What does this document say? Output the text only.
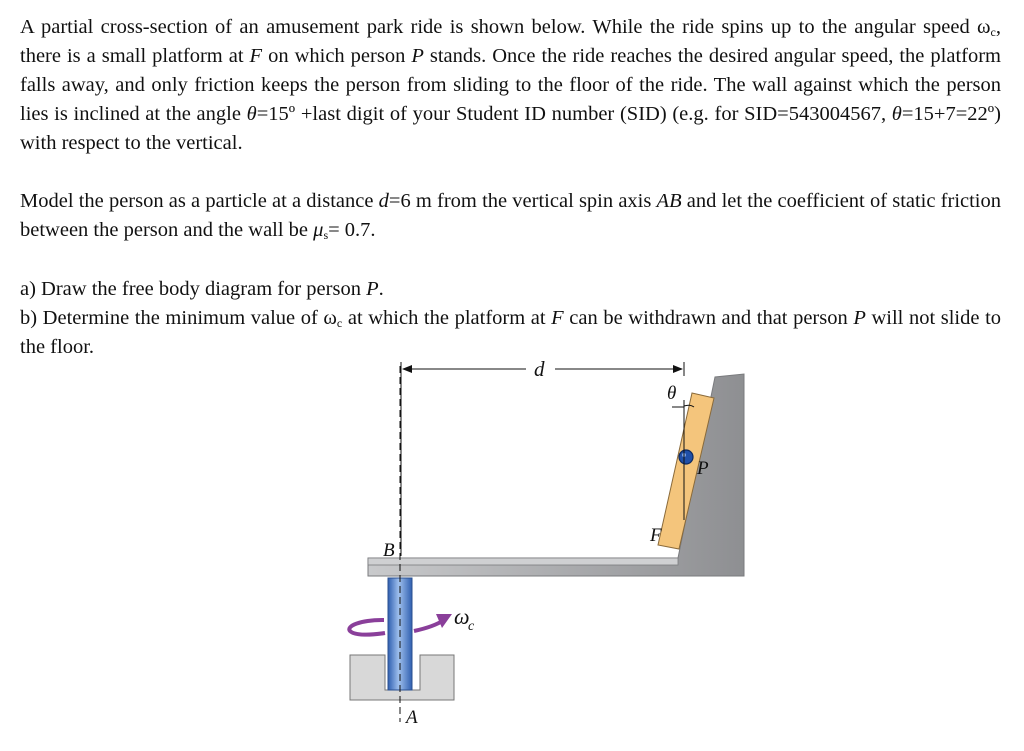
A partial cross-section of an amusement park ride is shown below. While the ride spins up to the angular speed $\omega_c$, there is a small platform at F on which person P stands. Once the ride reaches the desired angular speed, the platform falls away, and only friction keeps the person from sliding to the floor of the ride. The wall against which the person lies is inclined at the angle θ=15º +last digit of your Student ID number (SID) (e.g. for SID=543004567, θ=15+7=22º) with respect to the vertical.

Model the person as a particle at a distance d=6 m from the vertical spin axis AB and let the coefficient of static friction between the person and the wall be $\mu_s= 0.7$.

a) Draw the free body diagram for person P.

b) Determine the minimum value of $\omega_c$ at which the platform at F can be withdrawn and that person P will not slide to the floor.

ω
c
θ
d
P
F
B
A
